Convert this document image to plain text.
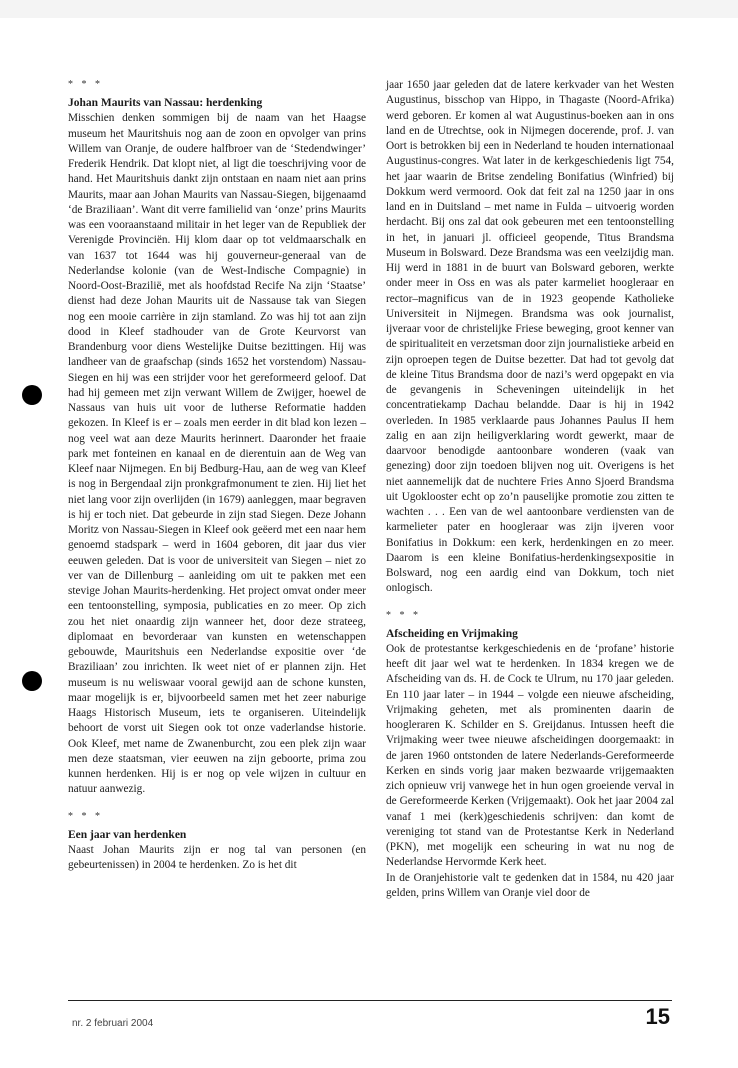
* * *

Johan Maurits van Nassau: herdenking

Misschien denken sommigen bij de naam van het Haagse museum het Mauritshuis nog aan de zoon en opvolger van prins Willem van Oranje, de oudere halfbroer van de ‘Stedendwinger’ Frederik Hendrik. Dat klopt niet, al ligt die toeschrijving voor de hand. Het Mauritshuis dankt zijn ontstaan en naam niet aan prins Maurits, maar aan Johan Maurits van Nassau-Siegen, bijgenaamd ‘de Braziliaan’. Want dit verre familielid van ‘onze’ prins Maurits was een vooraanstaand militair in het leger van de Republiek der Verenigde Provinciën. Hij klom daar op tot veldmaarschalk en van 1637 tot 1644 was hij gouverneur-generaal van de Nederlandse kolonie (van de West-Indische Compagnie) in Noord-Oost-Brazilië, met als hoofdstad Recife Na zijn ‘Staatse’ dienst had deze Johan Maurits uit de Nassause tak van Siegen nog een mooie carrière in zijn stamland. Zo was hij tot aan zijn dood in Kleef stadhouder van de Grote Keurvorst van Brandenburg voor diens Westelijke Duitse bezittingen. Hij was landheer van de graafschap (sinds 1652 het vorstendom) Nassau-Siegen en hij was een strijder voor het gereformeerd geloof. Dat had hij gemeen met zijn verwant Willem de Zwijger, hoewel de Nassaus van huis uit voor de lutherse Reformatie hadden gekozen. In Kleef is er – zoals men eerder in dit blad kon lezen – nog veel wat aan deze Maurits herinnert. Daaronder het fraaie park met fonteinen en kanaal en de dierentuin aan de Weg van Kleef naar Nijmegen. En bij Bedburg-Hau, aan de weg van Kleef is nog in Bergendaal zijn pronkgrafmonument te zien. Hij liet het niet lang voor zijn overlijden (in 1679) aanleggen, maar begraven is hij er toch niet. Dat gebeurde in zijn stad Siegen. Deze Johann Moritz von Nassau-Siegen in Kleef ook geëerd met een naar hem genoemd stadspark – werd in 1604 geboren, dit jaar dus vier eeuwen geleden. Dat is voor de universiteit van Siegen – niet zo ver van de Dillenburg – aanleiding om uit te pakken met een stevige Johan Maurits-herdenking. Het project omvat onder meer een tentoonstelling, symposia, publicaties en zo meer. Op zich zou het niet onaardig zijn wanneer het, door deze strateeg, diplomaat en bevorderaar van kunsten en wetenschappen gebouwde, Mauritshuis een Nederlandse expositie over ‘de Braziliaan’ zou inrichten. Ik weet niet of er plannen zijn. Het museum is nu weliswaar vooral gewijd aan de schone kunsten, maar mogelijk is er, bijvoorbeeld samen met het zeer naburige Haags Historisch Museum, iets te organiseren. Uiteindelijk behoort de vorst uit Siegen ook tot onze vaderlandse historie. Ook Kleef, met name de Zwanenburcht, zou een plek zijn waar men deze staatsman, vier eeuwen na zijn geboorte, prima zou kunnen herdenken. Hij is er nog op vele wijzen in cultuur en natuur aanwezig.

* * *

Een jaar van herdenken

Naast Johan Maurits zijn er nog tal van personen (en gebeurtenissen) in 2004 te herdenken. Zo is het dit

jaar 1650 jaar geleden dat de latere kerkvader van het Westen Augustinus, bisschop van Hippo, in Thagaste (Noord-Afrika) werd geboren. Er komen al wat Augustinus-boeken aan in ons land en de Utrechtse, ook in Nijmegen docerende, prof. J. van Oort is betrokken bij een in Nederland te houden internationaal Augustinus-congres. Wat later in de kerkgeschiedenis ligt 754, het jaar waarin de Britse zendeling Bonifatius (Winfried) bij Dokkum werd vermoord. Ook dat feit zal na 1250 jaar in ons land en in Duitsland – met name in Fulda – uitvoerig worden herdacht. Bij ons zal dat ook gebeuren met een tentoonstelling in het, in januari jl. officieel geopende, Titus Brandsma Museum in Bolsward. Deze Brandsma was een veelzijdig man. Hij werd in 1881 in de buurt van Bolsward geboren, werkte onder meer in Oss en was als pater karmeliet hoogleraar en rector–magnificus van de in 1923 geopende Katholieke Universiteit in Nijmegen. Brandsma was ook journalist, ijveraar voor de christelijke Friese beweging, groot kenner van de spiritualiteit en verzetsman door zijn journalistieke arbeid en zijn oproepen tegen de Duitse bezetter. Dat had tot gevolg dat de kleine Titus Brandsma door de nazi’s werd opgepakt en via de gevangenis in Scheveningen uiteindelijk in het concentratiekamp Dachau belandde. Daar is hij in 1942 overleden. In 1985 verklaarde paus Johannes Paulus II hem zalig en aan zijn heiligverklaring wordt gewerkt, maar de daarvoor benodigde aantoonbare wonderen (vaak van genezing) door zijn toedoen blijven nog uit. Overigens is het niet aannemelijk dat de nuchtere Fries Anno Sjoerd Brandsma uit Ugoklooster echt op zo’n pauselijke promotie zou zitten te wachten . . . Een van de wel aantoonbare verdiensten van de karmelieter pater en hoogleraar was zijn ijveren voor Bonifatius in Dokkum: een kerk, herdenkingen en zo meer. Daarom is een kleine Bonifatius-herdenkingsexpositie in Bolsward, nog een aardig eind van Dokkum, toch niet onlogisch.

* * *

Afscheiding en Vrijmaking

Ook de protestantse kerkgeschiedenis en de ‘profane’ historie heeft dit jaar wel wat te herdenken. In 1834 kregen we de Afscheiding van ds. H. de Cock te Ulrum, nu 170 jaar geleden. En 110 jaar later – in 1944 – volgde een nieuwe afscheiding, Vrijmaking geheten, met als prominenten daarin de hoogleraren K. Schilder en S. Greijdanus. Intussen heeft die Vrijmaking weer twee nieuwe afscheidingen doorgemaakt: in de jaren 1960 ontstonden de latere Nederlands-Gereformeerde Kerken en sinds vorig jaar maken bezwaarde vrijgemaakten zich opnieuw vrij vanwege het in hun ogen groeiende verval in de Gereformeerde Kerken (Vrijgemaakt). Ook het jaar 2004 zal vanaf 1 mei (kerk)geschiedenis schrijven: dan komt de vereniging tot stand van de Protestantse Kerk in Nederland (PKN), met mogelijk een scheuring in wat nu nog de Nederlandse Hervormde Kerk heet.

In de Oranjehistorie valt te gedenken dat in 1584, nu 420 jaar gelden, prins Willem van Oranje viel door de

nr. 2 februari 2004	15
